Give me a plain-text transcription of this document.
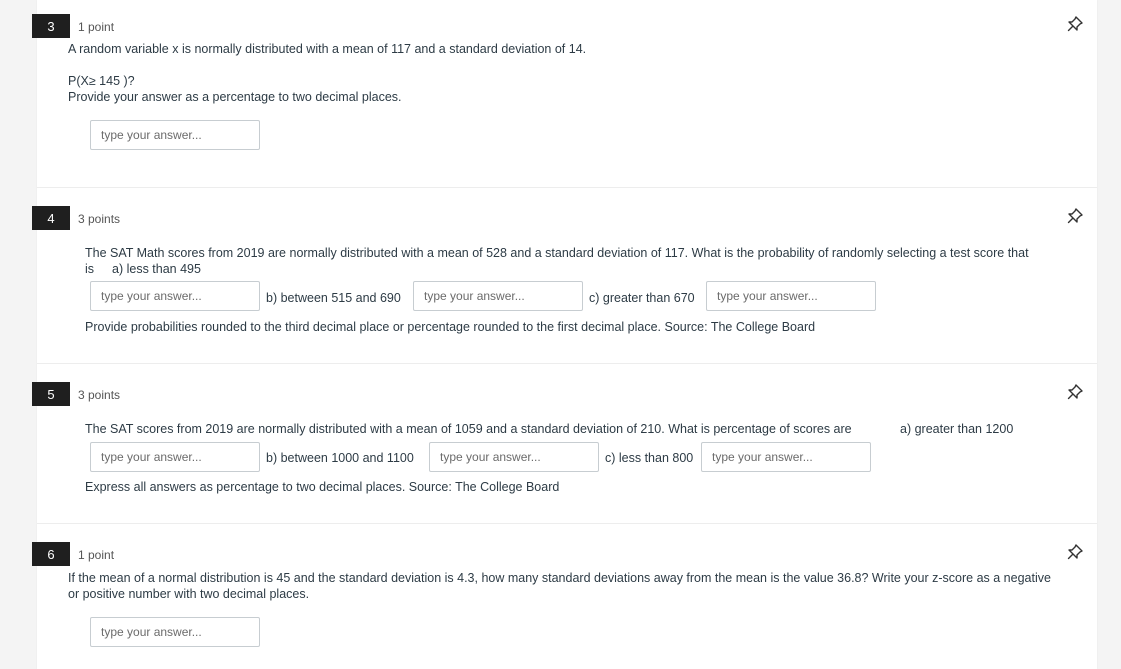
3	1 point
A random variable x is normally distributed with a mean of 117 and a standard deviation of 14.
P(X≥ 145 )?
Provide your answer as a percentage to two decimal places.
type your answer...
4	3 points
The SAT Math scores from 2019 are normally distributed with a mean of 528 and a standard deviation of 117. What is the probability of randomly selecting a test score that
is a) less than 495
type your answer...
b) between 515 and 690
type your answer...	c) greater than 670
type your answer...
Provide probabilities rounded to the third decimal place or percentage rounded to the first decimal place. Source: The College Board
5	3 points
The SAT scores from 2019 are normally distributed with a mean of 1059 and a standard deviation of 210. What is percentage of scores are	a) greater than 1200
type your answer...
b) between 1000 and 1100
type your answer...	c) less than 800
type your answer...
Express all answers as percentage to two decimal places. Source: The College Board
6	1 point
If the mean of a normal distribution is 45 and the standard deviation is 4.3, how many standard deviations away from the mean is the value 36.8? Write your z-score as a negative
or positive number with two decimal places.
type your answer...
